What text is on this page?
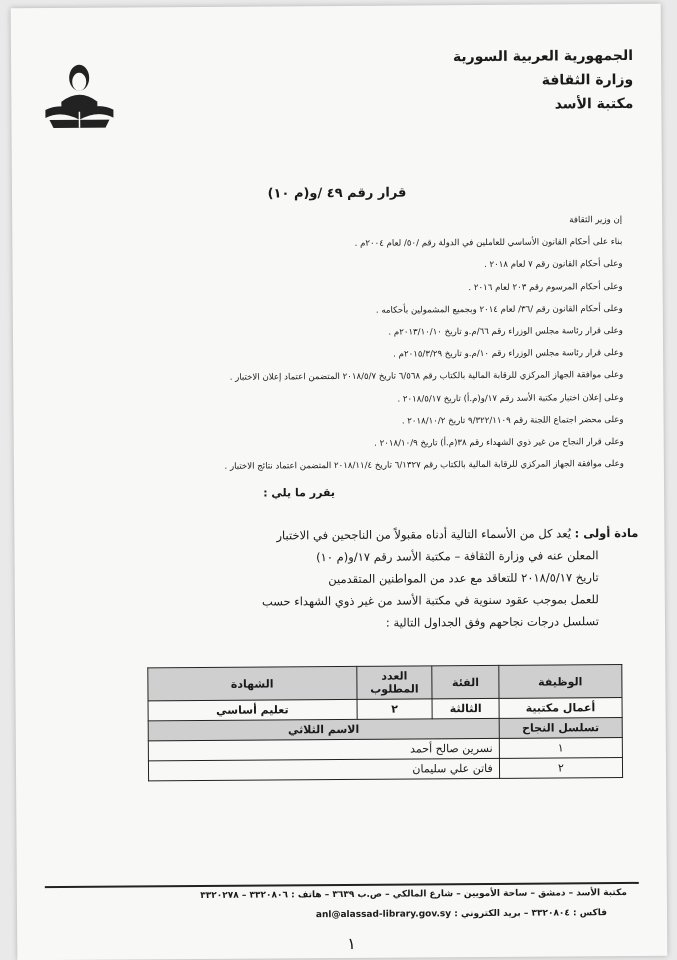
الجمهورية العربية السورية
وزارة الثقافة
مكتبة الأسد
قرار رقم ٤٩ /و(م ١٠)
إن وزير الثقافة
بناء على أحكام القانون الأساسي للعاملين في الدولة رقم /٥٠/ لعام ٢٠٠٤م .
وعلى أحكام القانون رقم ٧ لعام ٢٠١٨ .
وعلى أحكام المرسوم رقم ٢٠٣ لعام ٢٠١٦ .
وعلى أحكام القانون رقم /٣٦/ لعام ٢٠١٤ وبجميع المشمولين بأحكامه .
وعلى قرار رئاسة مجلس الوزراء رقم ٦٦/م.و تاريخ ٢٠١٣/١٠/١٠م .
وعلى قرار رئاسة مجلس الوزراء رقم ١٠/م.و تاريخ ٢٠١٥/٣/٢٩م .
وعلى موافقة الجهاز المركزي للرقابة المالية بالكتاب رقم ٦/٥٦٨ تاريخ ٢٠١٨/٥/٧ المتضمن اعتماد إعلان الاختبار .
وعلى إعلان اختبار مكتبة الأسد رقم ١٧/و(م.أ) تاريخ ٢٠١٨/٥/١٧ .
وعلى محضر اجتماع اللجنة رقم ٩/٣٢٢/١١٠٩ تاريخ ٢٠١٨/١٠/٢ .
وعلى قرار النجاح من غير ذوي الشهداء رقم ٣٨(م.أ) تاريخ ٢٠١٨/١٠/٩ .
وعلى موافقة الجهاز المركزي للرقابة المالية بالكتاب رقم ٦/١٣٢٧ تاريخ ٢٠١٨/١١/٤ المتضمن اعتماد نتائج الاختبار .
يقرر ما يلي :
مادة أولى : يُعد كل من الأسماء التالية أدناه مقبولاً من الناجحين في الاختبار
المعلن عنه في وزارة الثقافة – مكتبة الأسد رقم ١٧/و(م ١٠)
تاريخ ٢٠١٨/٥/١٧ للتعاقد مع عدد من المواطنين المتقدمين
للعمل بموجب عقود سنوية في مكتبة الأسد من غير ذوي الشهداء حسب
تسلسل درجات نجاحهم وفق الجداول التالية :
الوظيفة	الفئة	العدد المطلوب	الشهادة
أعمال مكتبية	الثالثة	٢	تعليم أساسي
تسلسل النجاح	الاسم الثلاثي		
١	نسرين صالح أحمد		
٢	فاتن علي سليمان		
مكتبة الأسد – دمشق – ساحة الأمويين – شارع المالكي – ص.ب ٣٦٣٩ – هاتف : ٣٣٢٠٨٠٦ – ٣٣٢٠٢٧٨
فاكس : ٣٣٢٠٨٠٤ – بريد الكتروني : anl@alassad-library.gov.sy
١
